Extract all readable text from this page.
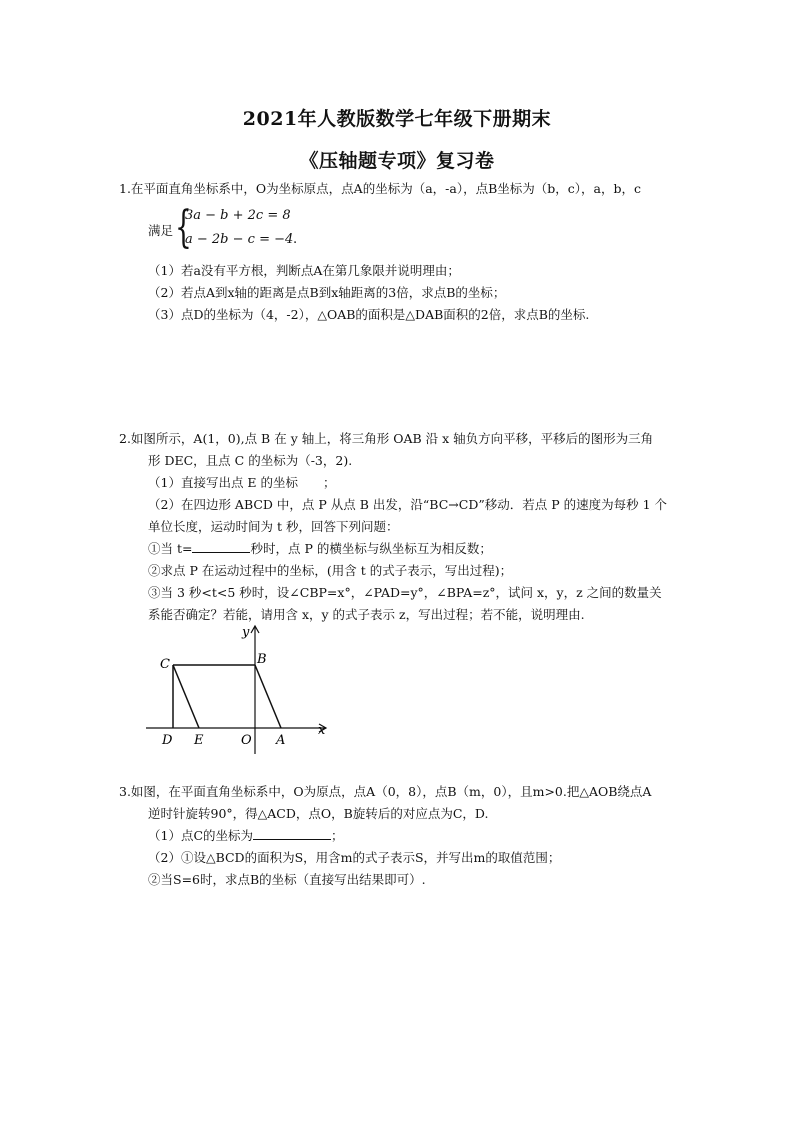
2021年人教版数学七年级下册期末
《压轴题专项》复习卷
1.在平面直角坐标系中，O为坐标原点，点A的坐标为（a，-a），点B坐标为（b，c），a，b，c
满足 {
3a − b + 2c = 8
a − 2b − c = −4 .
（1）若a没有平方根，判断点A在第几象限并说明理由；
（2）若点A到x轴的距离是点B到x轴距离的3倍，求点B的坐标；
（3）点D的坐标为（4，-2），△OAB的面积是△DAB面积的2倍，求点B的坐标.
2.如图所示，A(1，0),点 B 在 y 轴上，将三角形 OAB 沿 x 轴负方向平移，平移后的图形为三角
形 DEC，且点 C 的坐标为（-3，2).
（1）直接写出点 E 的坐标　　；
（2）在四边形 ABCD 中，点 P 从点 B 出发，沿“BC→CD”移动．若点 P 的速度为每秒 1 个
单位长度，运动时间为 t 秒，回答下列问题：
①当 t=	秒时，点 P 的横坐标与纵坐标互为相反数；
②求点 P 在运动过程中的坐标，(用含 t 的式子表示，写出过程)；
③当 3 秒<t<5 秒时，设∠CBP=x°，∠PAD=y°，∠BPA=z°，试问 x，y，z 之间的数量关
系能否确定？若能，请用含 x，y 的式子表示 z，写出过程；若不能，说明理由.
y
x
C	B
D E	O A
3.如图，在平面直角坐标系中，O为原点，点A（0，8），点B（m，0），且m>0.把△AOB绕点A
逆时针旋转90°，得△ACD，点O，B旋转后的对应点为C，D.
（1）点C的坐标为	；
（2）①设△BCD的面积为S，用含m的式子表示S，并写出m的取值范围；
②当S=6时，求点B的坐标（直接写出结果即可）.
